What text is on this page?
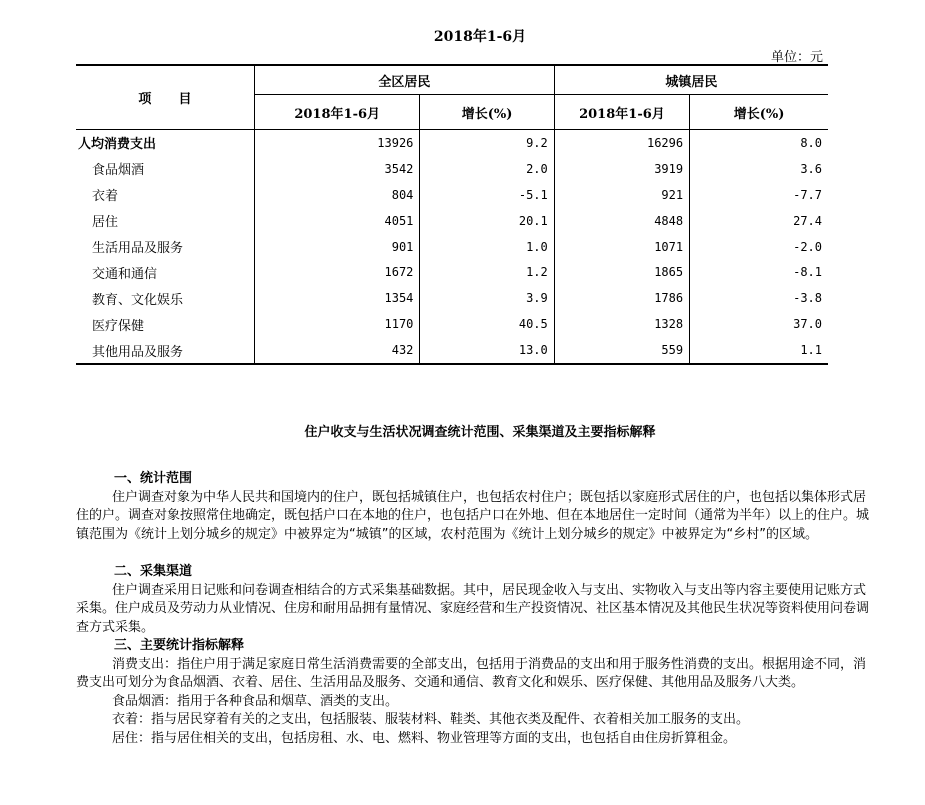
2018年1-6月
单位：元
项      目	全区居民		城镇居民	
	2018年1-6月	增长(%)	2018年1-6月	增长(%)
人均消费支出	13926	9.2	16296	8.0
食品烟酒	3542	2.0	3919	3.6
衣着	804	-5.1	921	-7.7
居住	4051	20.1	4848	27.4
生活用品及服务	901	1.0	1071	-2.0
交通和通信	1672	1.2	1865	-8.1
教育、文化娱乐	1354	3.9	1786	-3.8
医疗保健	1170	40.5	1328	37.0
其他用品及服务	432	13.0	559	1.1
住户收支与生活状况调查统计范围、采集渠道及主要指标解释
一、统计范围
住户调查对象为中华人民共和国境内的住户，既包括城镇住户，也包括农村住户；既包括以家庭形式居住的户，也包括以集体形式居住的户。调查对象按照常住地确定，既包括户口在本地的住户，也包括户口在外地、但在本地居住一定时间（通常为半年）以上的住户。城镇范围为《统计上划分城乡的规定》中被界定为“城镇”的区域，农村范围为《统计上划分城乡的规定》中被界定为“乡村”的区域。
二、采集渠道
住户调查采用日记账和问卷调查相结合的方式采集基础数据。其中，居民现金收入与支出、实物收入与支出等内容主要使用记账方式采集。住户成员及劳动力从业情况、住房和耐用品拥有量情况、家庭经营和生产投资情况、社区基本情况及其他民生状况等资料使用问卷调查方式采集。
三、主要统计指标解释
消费支出：指住户用于满足家庭日常生活消费需要的全部支出，包括用于消费品的支出和用于服务性消费的支出。根据用途不同，消费支出可划分为食品烟酒、衣着、居住、生活用品及服务、交通和通信、教育文化和娱乐、医疗保健、其他用品及服务八大类。
食品烟酒：指用于各种食品和烟草、酒类的支出。
衣着：指与居民穿着有关的之支出，包括服装、服装材料、鞋类、其他衣类及配件、衣着相关加工服务的支出。
居住：指与居住相关的支出，包括房租、水、电、燃料、物业管理等方面的支出，也包括自由住房折算租金。
